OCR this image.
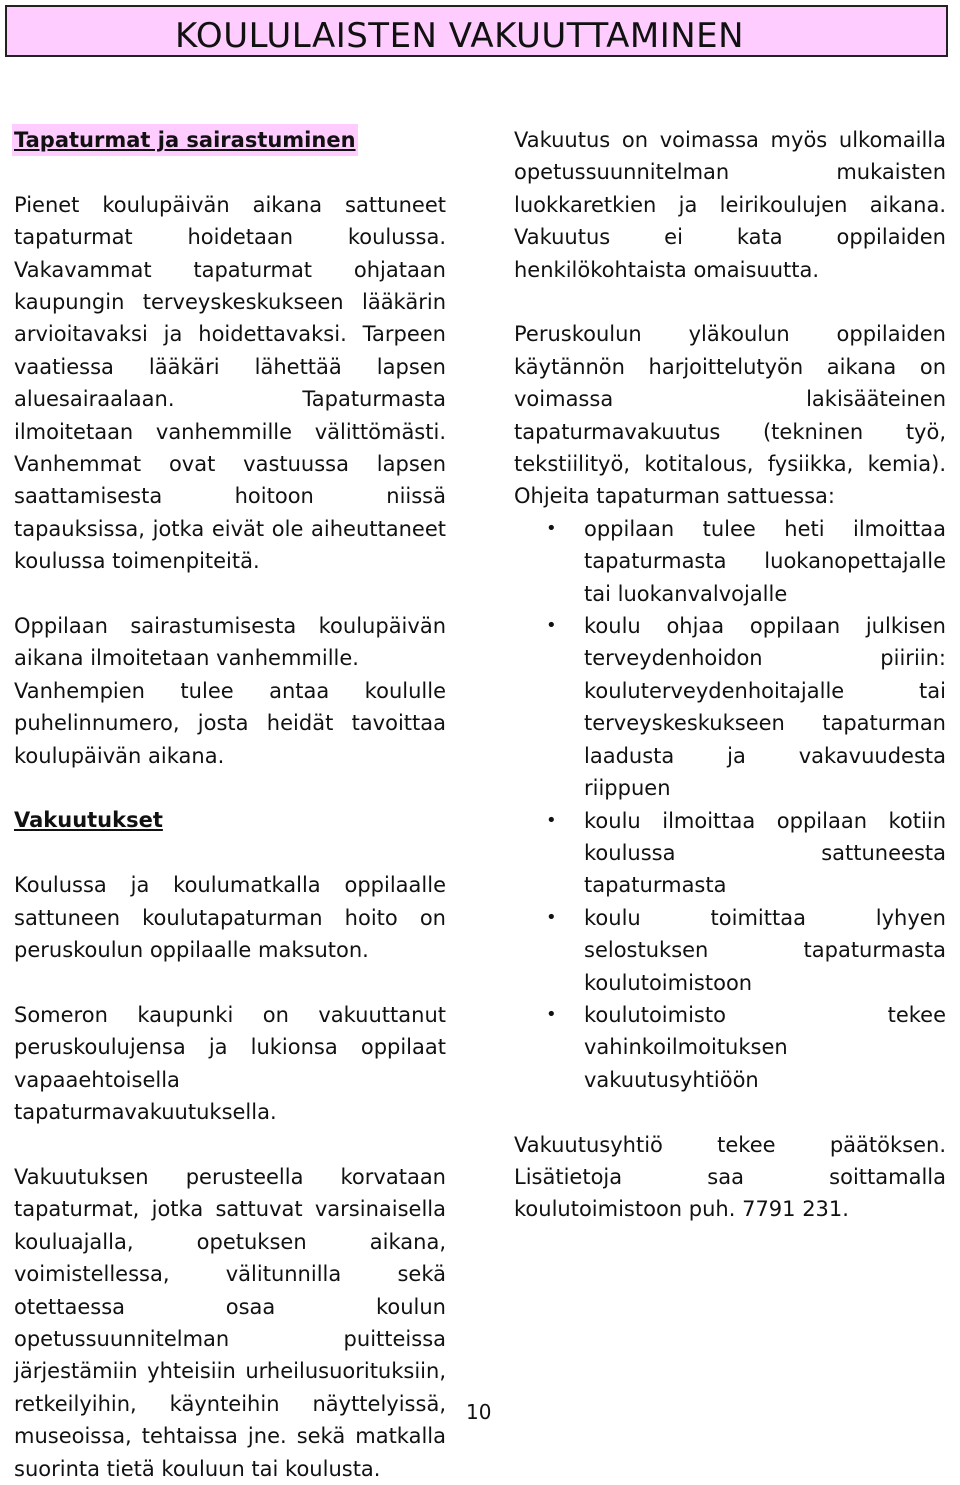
KOULULAISTEN VAKUUTTAMINEN
Tapaturmat ja sairastuminen

Pienet koulupäivän aikana sattuneet tapaturmat hoidetaan koulussa. Vakavammat tapaturmat ohjataan kaupungin terveyskeskukseen lääkärin arvioitavaksi ja hoidettavaksi. Tarpeen vaatiessa lääkäri lähettää lapsen aluesairaalaan. Tapaturmasta ilmoitetaan vanhemmille välittömästi. Vanhemmat ovat vastuussa lapsen saattamisesta hoitoon niissä tapauksissa, jotka eivät ole aiheuttaneet koulussa toimenpiteitä.

Oppilaan sairastumisesta koulupäivän aikana ilmoitetaan vanhemmille.

Vanhempien tulee antaa koululle puhelinnumero, josta heidät tavoittaa koulupäivän aikana.

Vakuutukset

Koulussa ja koulumatkalla oppilaalle sattuneen koulutapaturman hoito on peruskoulun oppilaalle maksuton.

Someron kaupunki on vakuuttanut peruskoulujensa ja lukionsa oppilaat vapaaehtoisella tapaturmavakuutuksella.

Vakuutuksen perusteella korvataan tapaturmat, jotka sattuvat varsinaisella kouluajalla, opetuksen aikana, voimistellessa, välitunnilla sekä otettaessa osaa koulun opetussuunnitelman puitteissa järjestämiin yhteisiin urheilusuorituksiin, retkeilyihin, käynteihin näyttelyissä, museoissa, tehtaissa jne. sekä matkalla suorinta tietä kouluun tai koulusta.

Vakuutus on voimassa myös ulkomailla opetussuunnitelman mukaisten luokkaretkien ja leirikoulujen aikana. Vakuutus ei kata oppilaiden henkilökohtaista omaisuutta.

Peruskoulun yläkoulun oppilaiden käytännön harjoittelutyön aikana on voimassa lakisääteinen tapaturmavakuutus (tekninen työ, tekstiilityö, kotitalous, fysiikka, kemia). Ohjeita tapaturman sattuessa:

• oppilaan tulee heti ilmoittaa tapaturmasta luokanopettajalle tai luokanvalvojalle
• koulu ohjaa oppilaan julkisen terveydenhoidon piiriin: kouluterveydenhoitajalle tai terveyskeskukseen tapaturman laadusta ja vakavuudesta riippuen
• koulu ilmoittaa oppilaan kotiin koulussa sattuneesta tapaturmasta
• koulu toimittaa lyhyen selostuksen tapaturmasta koulutoimistoon
• koulutoimisto tekee vahinkoilmoituksen vakuutusyhtiöön

Vakuutusyhtiö tekee päätöksen. Lisätietoja saa soittamalla koulutoimistoon puh. 7791 231.

10
